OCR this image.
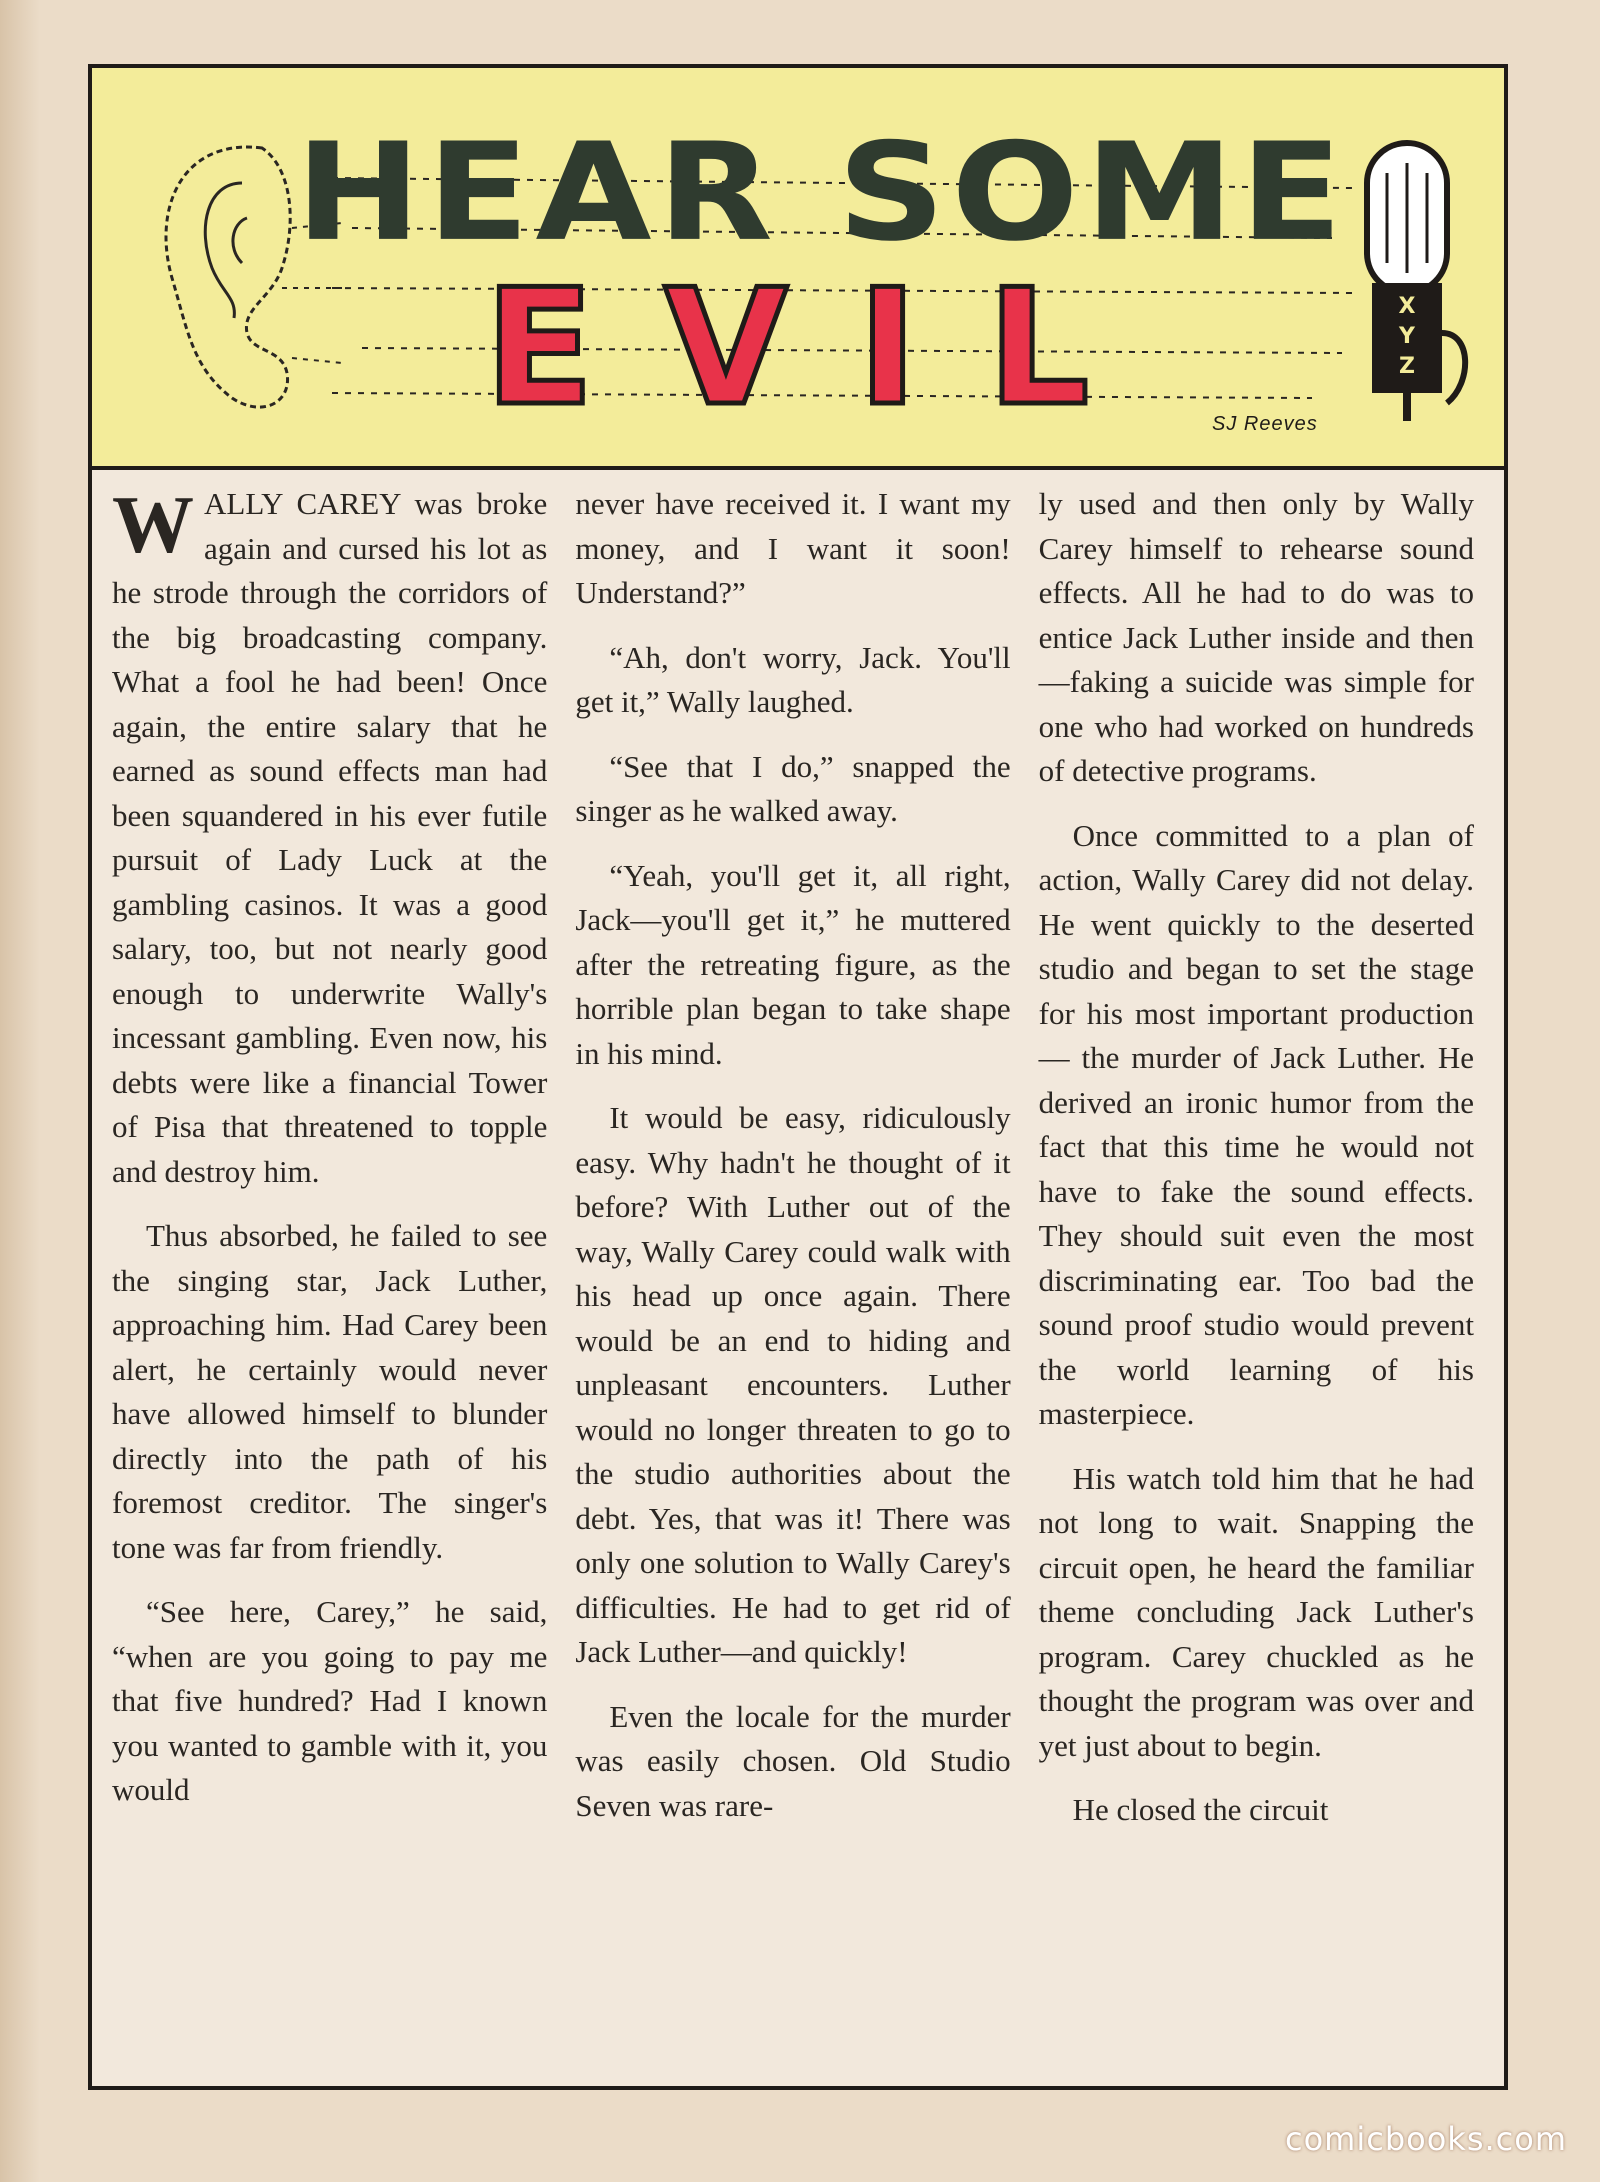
HEAR SOME
EVIL	X
Y
Z
SJ Reeves

WALLY CAREY was broke again and cursed his lot as he strode through the corridors of the big broadcasting company. What a fool he had been! Once again, the entire salary that he earned as sound effects man had been squandered in his ever futile pursuit of Lady Luck at the gambling casinos. It was a good salary, too, but not nearly good enough to underwrite Wally's incessant gambling. Even now, his debts were like a financial Tower of Pisa that threatened to topple and destroy him.

Thus absorbed, he failed to see the singing star, Jack Luther, approaching him. Had Carey been alert, he certainly would never have allowed himself to blunder directly into the path of his foremost creditor. The singer's tone was far from friendly.

“See here, Carey,” he said, “when are you going to pay me that five hundred? Had I known you wanted to gamble with it, you would

never have received it. I want my money, and I want it soon! Understand?”

“Ah, don't worry, Jack. You'll get it,” Wally laughed.

“See that I do,” snapped the singer as he walked away.

“Yeah, you'll get it, all right, Jack—you'll get it,” he muttered after the retreating figure, as the horrible plan began to take shape in his mind.

It would be easy, ridiculously easy. Why hadn't he thought of it before? With Luther out of the way, Wally Carey could walk with his head up once again. There would be an end to hiding and unpleasant encounters. Luther would no longer threaten to go to the studio authorities about the debt. Yes, that was it! There was only one solution to Wally Carey's difficulties. He had to get rid of Jack Luther—and quickly!

Even the locale for the murder was easily chosen. Old Studio Seven was rare-

ly used and then only by Wally Carey himself to rehearse sound effects. All he had to do was to entice Jack Luther inside and then—faking a suicide was simple for one who had worked on hundreds of detective programs.

Once committed to a plan of action, Wally Carey did not delay. He went quickly to the deserted studio and began to set the stage for his most important production — the murder of Jack Luther. He derived an ironic humor from the fact that this time he would not have to fake the sound effects. They should suit even the most discriminating ear. Too bad the sound proof studio would prevent the world learning of his masterpiece.

His watch told him that he had not long to wait. Snapping the circuit open, he heard the familiar theme concluding Jack Luther's program. Carey chuckled as he thought the program was over and yet just about to begin.

He closed the circuit

comicbooks.com
